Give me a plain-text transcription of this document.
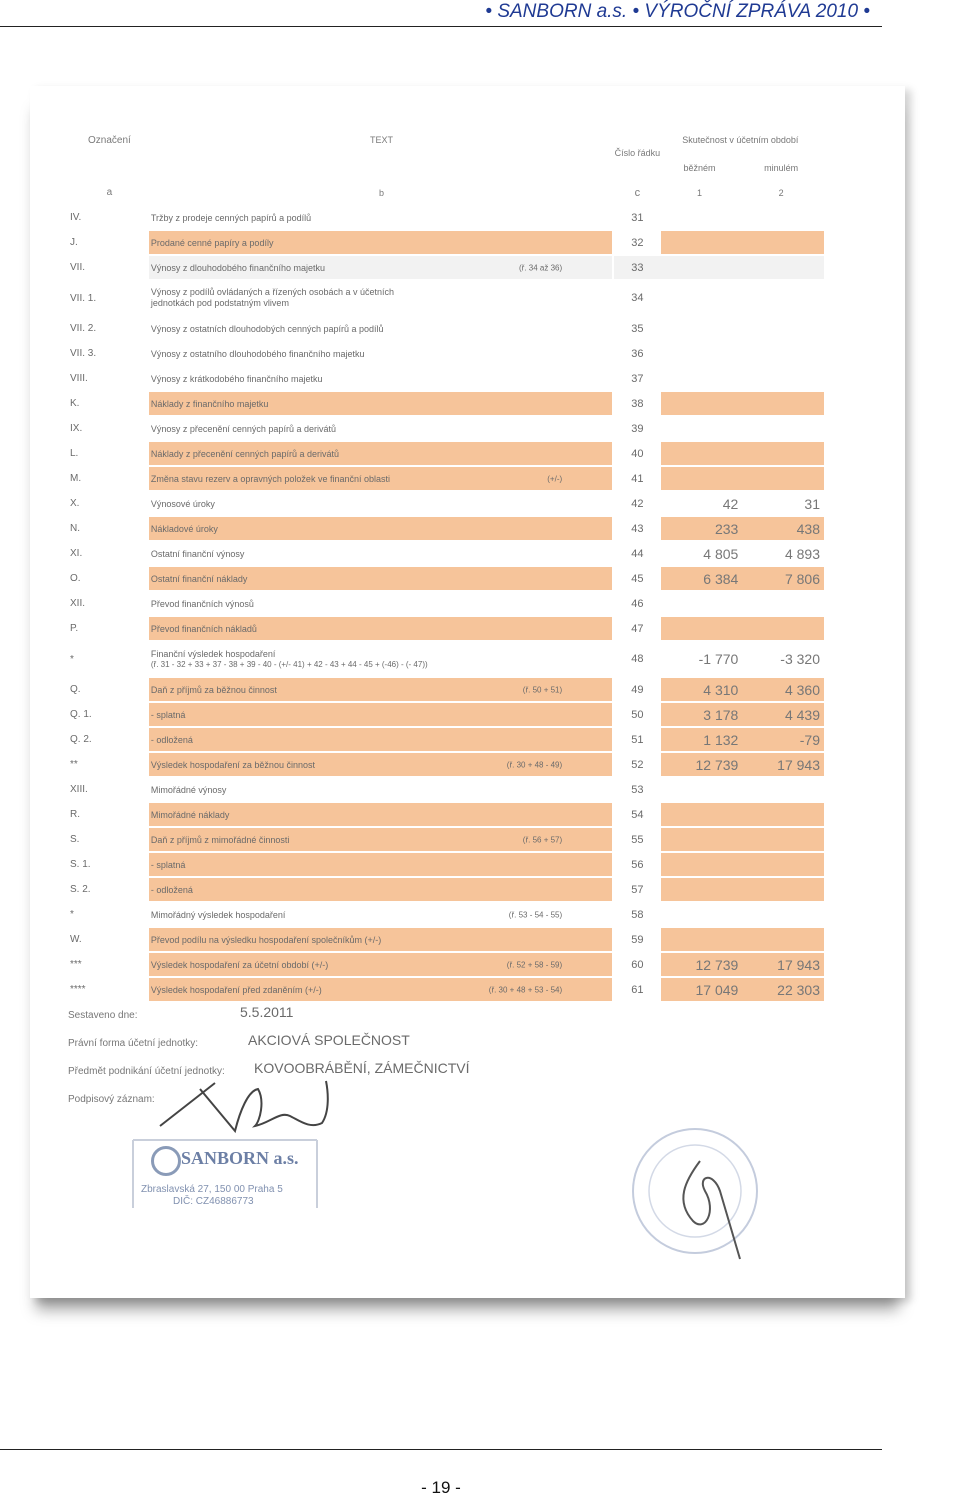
• SANBORN a.s. • VÝROČNÍ ZPRÁVA 2010 •
Označení	TEXT	Číslo řádku	Skutečnost v účetním období	
			běžném	minulém
a	b	c	1	2
IV.	Tržby z prodeje cenných papírů a podílů	31		
J.	Prodané cenné papíry a podíly	32		
VII.	Výnosy z dlouhodobého finančního majetku (ř. 34 až 36)	33		
VII. 1.	Výnosy z podílů ovládaných a řízených osobách a v účetních jednotkách pod podstatným vlivem	34		
VII. 2.	Výnosy z ostatních dlouhodobých cenných papírů a podílů	35		
VII. 3.	Výnosy z ostatního dlouhodobého finančního majetku	36		
VIII.	Výnosy z krátkodobého finančního majetku	37		
K.	Náklady z finančního majetku	38		
IX.	Výnosy z přecenění cenných papírů a derivátů	39		
L.	Náklady z přecenění cenných papírů a derivátů	40		
M.	Změna stavu rezerv a opravných položek ve finanční oblasti (+/-)	41		
X.	Výnosové úroky	42	42	31
N.	Nákladové úroky	43	233	438
XI.	Ostatní finanční výnosy	44	4 805	4 893
O.	Ostatní finanční náklady	45	6 384	7 806
XII.	Převod finančních výnosů	46		
P.	Převod finančních nákladů	47		
*	Finanční výsledek hospodaření
(ř. 31 - 32 + 33 + 37 - 38 + 39 - 40 - (+/- 41) + 42 - 43 + 44 - 45 + (-46) - (- 47))	48	-1 770	-3 320
Q.	Daň z příjmů za běžnou činnost (ř. 50 + 51)	49	4 310	4 360
Q. 1.	- splatná	50	3 178	4 439
Q. 2.	- odložená	51	1 132	-79
**	Výsledek hospodaření za běžnou činnost (ř. 30 + 48 - 49)	52	12 739	17 943
XIII.	Mimořádné výnosy	53		
R.	Mimořádné náklady	54		
S.	Daň z příjmů z mimořádné činnosti (ř. 56 + 57)	55		
S. 1.	- splatná	56		
S. 2.	- odložená	57		
*	Mimořádný výsledek hospodaření (ř. 53 - 54 - 55)	58		
W.	Převod podílu na výsledku hospodaření společníkům (+/-)	59		
***	Výsledek hospodaření za účetní období (+/-) (ř. 52 + 58 - 59)	60	12 739	17 943
****	Výsledek hospodaření před zdaněním (+/-) (ř. 30 + 48 + 53 - 54)	61	17 049	22 303
Sestaveno dne:	5.5.2011
Právní forma účetní jednotky:	AKCIOVÁ SPOLEČNOST
Předmět podnikání účetní jednotky: KOVOOBRÁBĚNÍ, ZÁMEČNICTVÍ
Podpisový záznam:
SANBORN a.s.
Zbraslavská 27, 150 00 Praha 5
DIČ: CZ46886773
- 19 -
